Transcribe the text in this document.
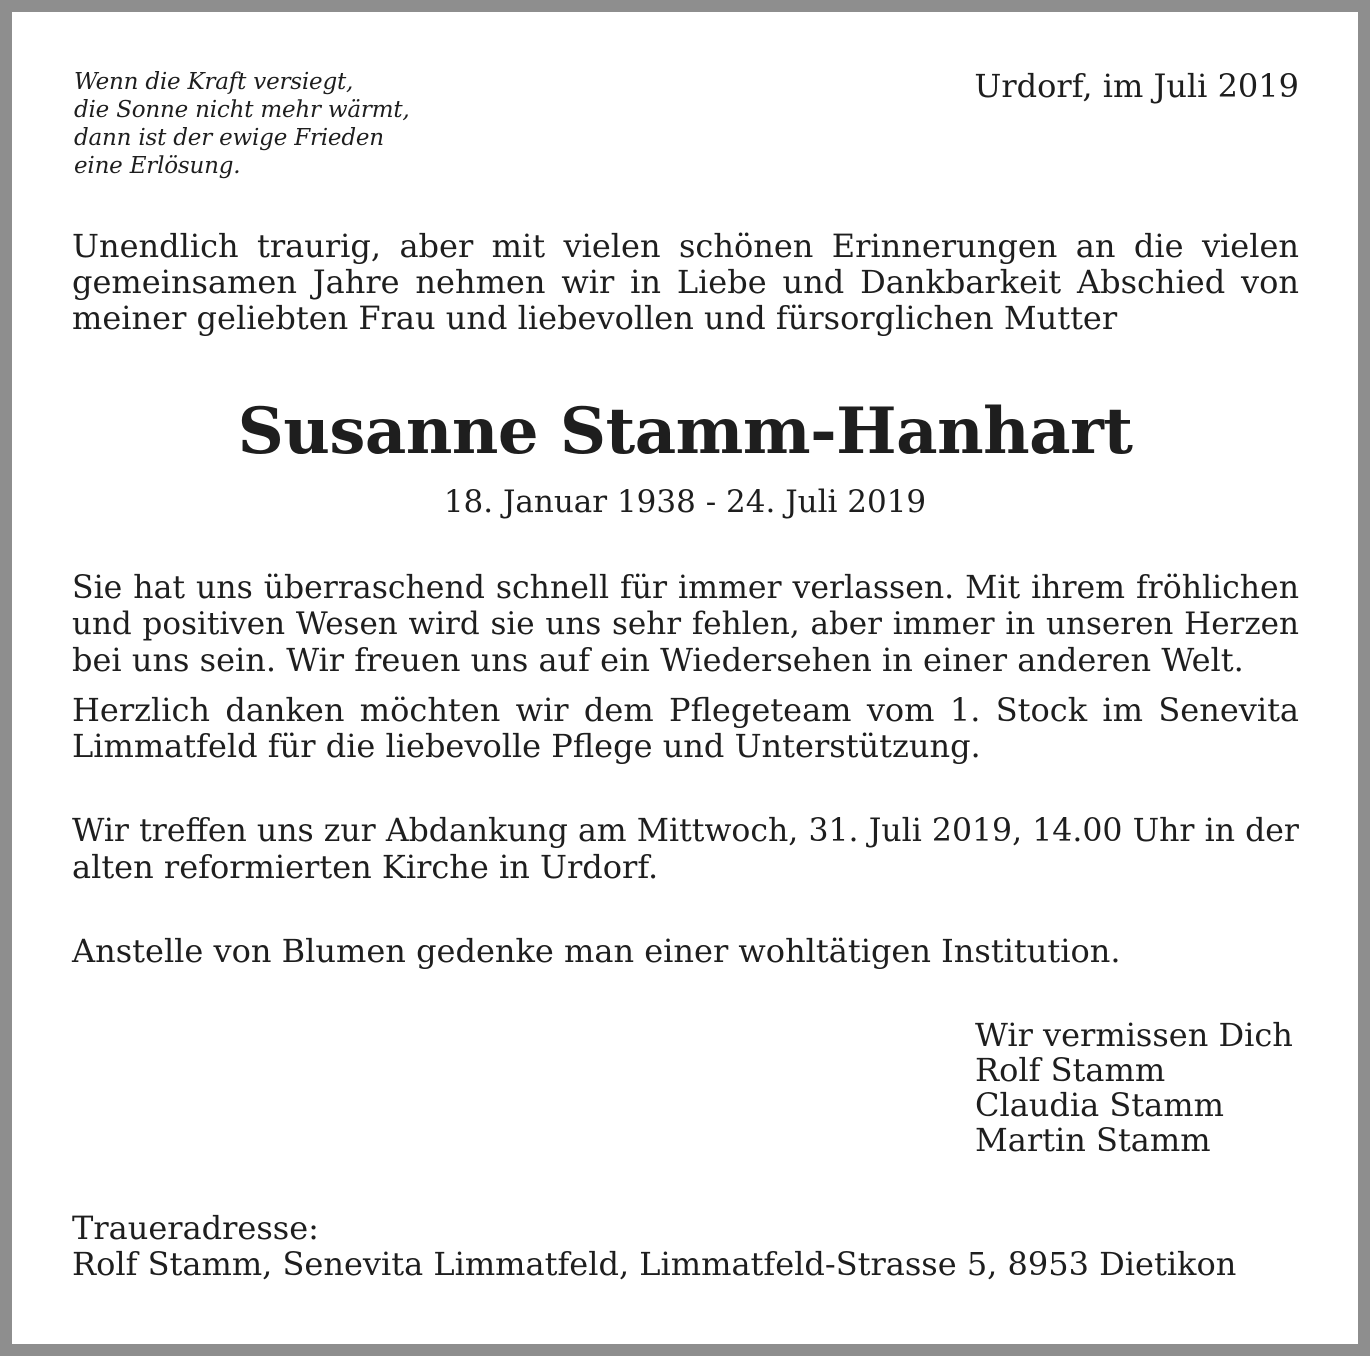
Wenn die Kraft versiegt,
die Sonne nicht mehr wärmt,
dann ist der ewige Frieden
eine Erlösung.
Urdorf, im Juli 2019
Unendlich traurig, aber mit vielen schönen Erinnerungen an die vielen
gemeinsamen Jahre nehmen wir in Liebe und Dankbarkeit Abschied von
meiner geliebten Frau und liebevollen und fürsorglichen Mutter
Susanne Stamm-Hanhart
18. Januar 1938 - 24. Juli 2019
Sie hat uns überraschend schnell für immer verlassen. Mit ihrem fröhlichen
und positiven Wesen wird sie uns sehr fehlen, aber immer in unseren Herzen
bei uns sein. Wir freuen uns auf ein Wiedersehen in einer anderen Welt.
Herzlich danken möchten wir dem Pflegeteam vom 1. Stock im Senevita
Limmatfeld für die liebevolle Pflege und Unterstützung.
Wir treffen uns zur Abdankung am Mittwoch, 31. Juli 2019, 14.00 Uhr in der
alten reformierten Kirche in Urdorf.
Anstelle von Blumen gedenke man einer wohltätigen Institution.
Wir vermissen Dich
Rolf Stamm
Claudia Stamm
Martin Stamm
Traueradresse:
Rolf Stamm, Senevita Limmatfeld, Limmatfeld-Strasse 5, 8953 Dietikon
